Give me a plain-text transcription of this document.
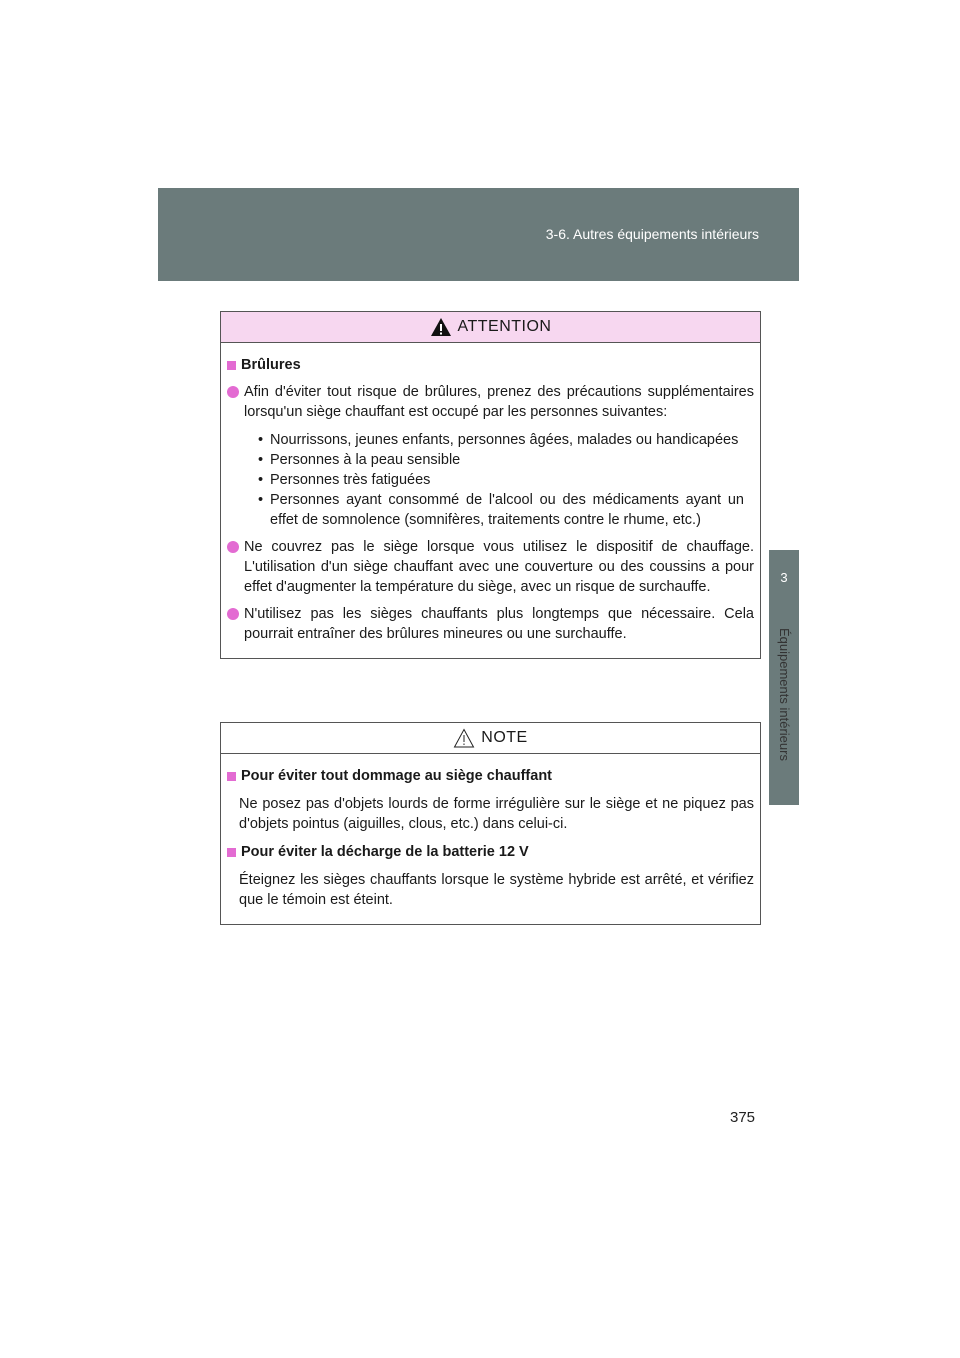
3-6. Autres équipements intérieurs
3
Équipements intérieurs
ATTENTION
Brûlures
Afin d'éviter tout risque de brûlures, prenez des précautions supplémentaires lorsqu'un siège chauffant est occupé par les personnes suivantes:
• Nourrissons, jeunes enfants, personnes âgées, malades ou handicapées
• Personnes à la peau sensible
• Personnes très fatiguées
• Personnes ayant consommé de l'alcool ou des médicaments ayant un effet de somnolence (somnifères, traitements contre le rhume, etc.)
Ne couvrez pas le siège lorsque vous utilisez le dispositif de chauffage. L'utilisation d'un siège chauffant avec une couverture ou des coussins a pour effet d'augmenter la température du siège, avec un risque de surchauffe.
N'utilisez pas les sièges chauffants plus longtemps que nécessaire. Cela pourrait entraîner des brûlures mineures ou une surchauffe.
NOTE
Pour éviter tout dommage au siège chauffant
Ne posez pas d'objets lourds de forme irrégulière sur le siège et ne piquez pas d'objets pointus (aiguilles, clous, etc.) dans celui-ci.
Pour éviter la décharge de la batterie 12 V
Éteignez les sièges chauffants lorsque le système hybride est arrêté, et vérifiez que le témoin est éteint.
375
